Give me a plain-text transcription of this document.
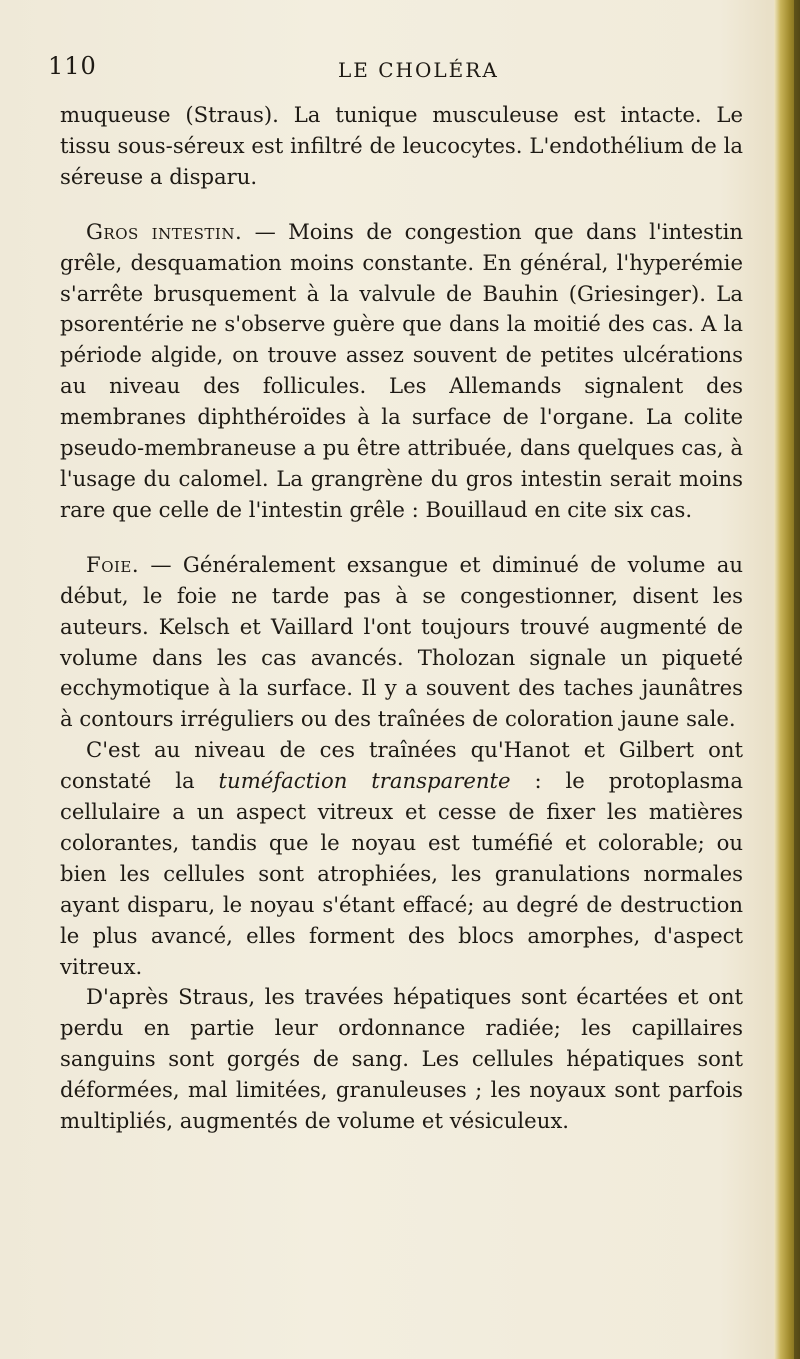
110	LE CHOLÉRA

muqueuse (Straus). La tunique musculeuse est intacte. Le tissu sous-séreux est infiltré de leucocytes. L'endothélium de la séreuse a disparu.

Gros intestin. — Moins de congestion que dans l'intestin grêle, desquamation moins constante. En général, l'hyperémie s'arrête brusquement à la valvule de Bauhin (Griesinger). La psorentérie ne s'observe guère que dans la moitié des cas. A la période algide, on trouve assez souvent de petites ulcérations au niveau des follicules. Les Allemands signalent des membranes diphthéroïdes à la surface de l'organe. La colite pseudo-membraneuse a pu être attribuée, dans quelques cas, à l'usage du calomel. La grangrène du gros intestin serait moins rare que celle de l'intestin grêle : Bouillaud en cite six cas.

Foie. — Généralement exsangue et diminué de volume au début, le foie ne tarde pas à se congestionner, disent les auteurs. Kelsch et Vaillard l'ont toujours trouvé augmenté de volume dans les cas avancés. Tholozan signale un piqueté ecchymotique à la surface. Il y a souvent des taches jaunâtres à contours irréguliers ou des traînées de coloration jaune sale.

C'est au niveau de ces traînées qu'Hanot et Gilbert ont constaté la tuméfaction transparente : le protoplasma cellulaire a un aspect vitreux et cesse de fixer les matières colorantes, tandis que le noyau est tuméfié et colorable; ou bien les cellules sont atrophiées, les granulations normales ayant disparu, le noyau s'étant effacé; au degré de destruction le plus avancé, elles forment des blocs amorphes, d'aspect vitreux.

D'après Straus, les travées hépatiques sont écartées et ont perdu en partie leur ordonnance radiée; les capillaires sanguins sont gorgés de sang. Les cellules hépatiques sont déformées, mal limitées, granuleuses ; les noyaux sont parfois multipliés, augmentés de volume et vésiculeux.
